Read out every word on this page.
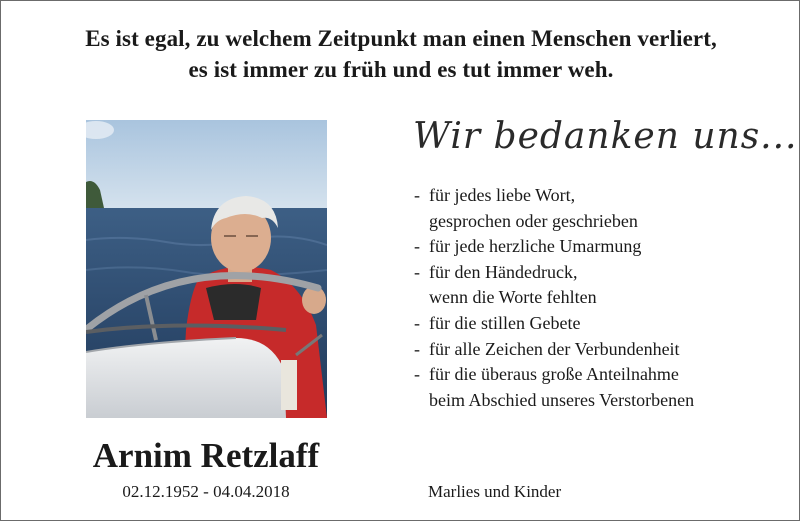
Es ist egal, zu welchem Zeitpunkt man einen Menschen verliert,
es ist immer zu früh und es tut immer weh.
Arnim Retzlaff
02.12.1952 - 04.04.2018
Wir bedanken uns...
- für jedes liebe Wort,
gesprochen oder geschrieben
- für jede herzliche Umarmung
- für den Händedruck,
wenn die Worte fehlten
- für die stillen Gebete
- für alle Zeichen der Verbundenheit
- für die überaus große Anteilnahme
beim Abschied unseres Verstorbenen
Marlies und Kinder
